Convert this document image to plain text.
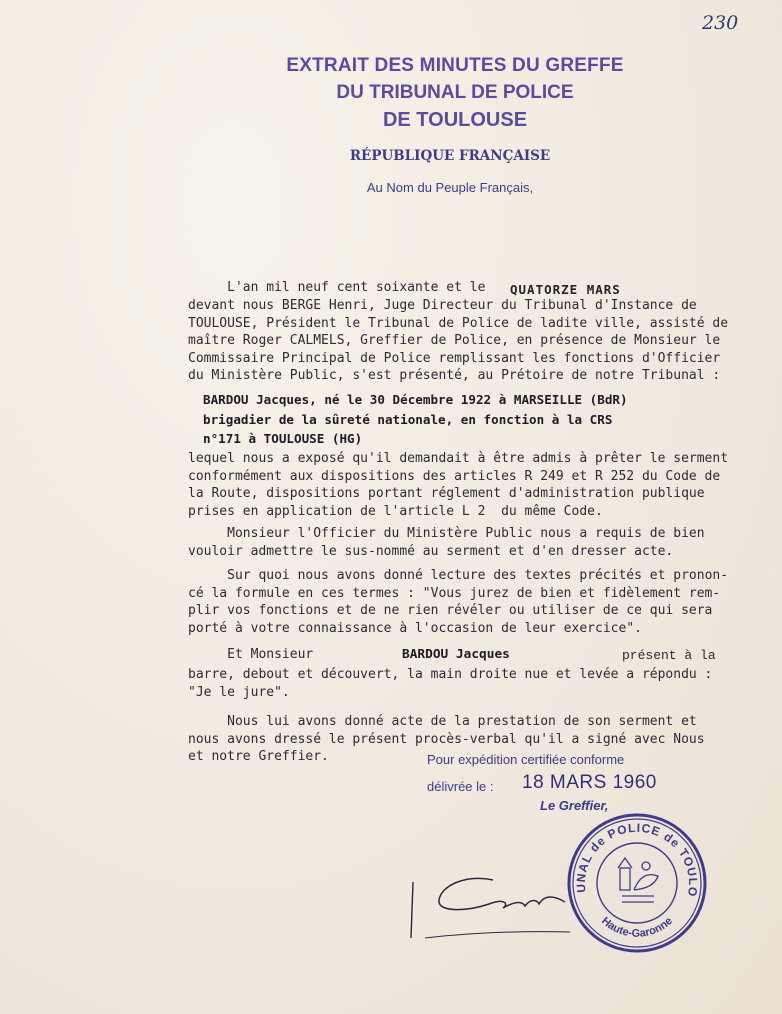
230
EXTRAIT DES MINUTES DU GREFFE
DU TRIBUNAL DE POLICE
DE TOULOUSE
RÉPUBLIQUE FRANÇAISE
Au Nom du Peuple Français,
L'an mil neuf cent soixante et le	QUATORZE MARS
devant nous BERGE Henri, Juge Directeur du Tribunal d'Instance de
TOULOUSE, Président le Tribunal de Police de ladite ville, assisté de
maître Roger CALMELS, Greffier de Police, en présence de Monsieur le
Commissaire Principal de Police remplissant les fonctions d'Officier
du Ministère Public, s'est présenté, au Prétoire de notre Tribunal :
BARDOU Jacques, né le 30 Décembre 1922 à MARSEILLE (BdR)
brigadier de la sûreté nationale, en fonction à la CRS
n°171 à TOULOUSE (HG)
lequel nous a exposé qu'il demandait à être admis à prêter le serment
conformément aux dispositions des articles R 249 et R 252 du Code de
la Route, dispositions portant réglement d'administration publique
prises en application de l'article L 2  du même Code.
Monsieur l'Officier du Ministère Public nous a requis de bien
vouloir admettre le sus-nommé au serment et d'en dresser acte.
Sur quoi nous avons donné lecture des textes précités et pronon-
cé la formule en ces termes : "Vous jurez de bien et fidèlement rem-
plir vos fonctions et de ne rien révéler ou utiliser de ce qui sera
porté à votre connaissance à l'occasion de leur exercice".
Et Monsieur	BARDOU Jacques	présent à la
barre, debout et découvert, la main droite nue et levée a répondu :
"Je le jure".
Nous lui avons donné acte de la prestation de son serment et
nous avons dressé le présent procès-verbal qu'il a signé avec Nous
et notre Greffier.	Pour expédition certifiée conforme
délivrée le : 18 MARS 1960
Le Greffier,
UNAL de POLICE de TOULO
Haute-Garonne
